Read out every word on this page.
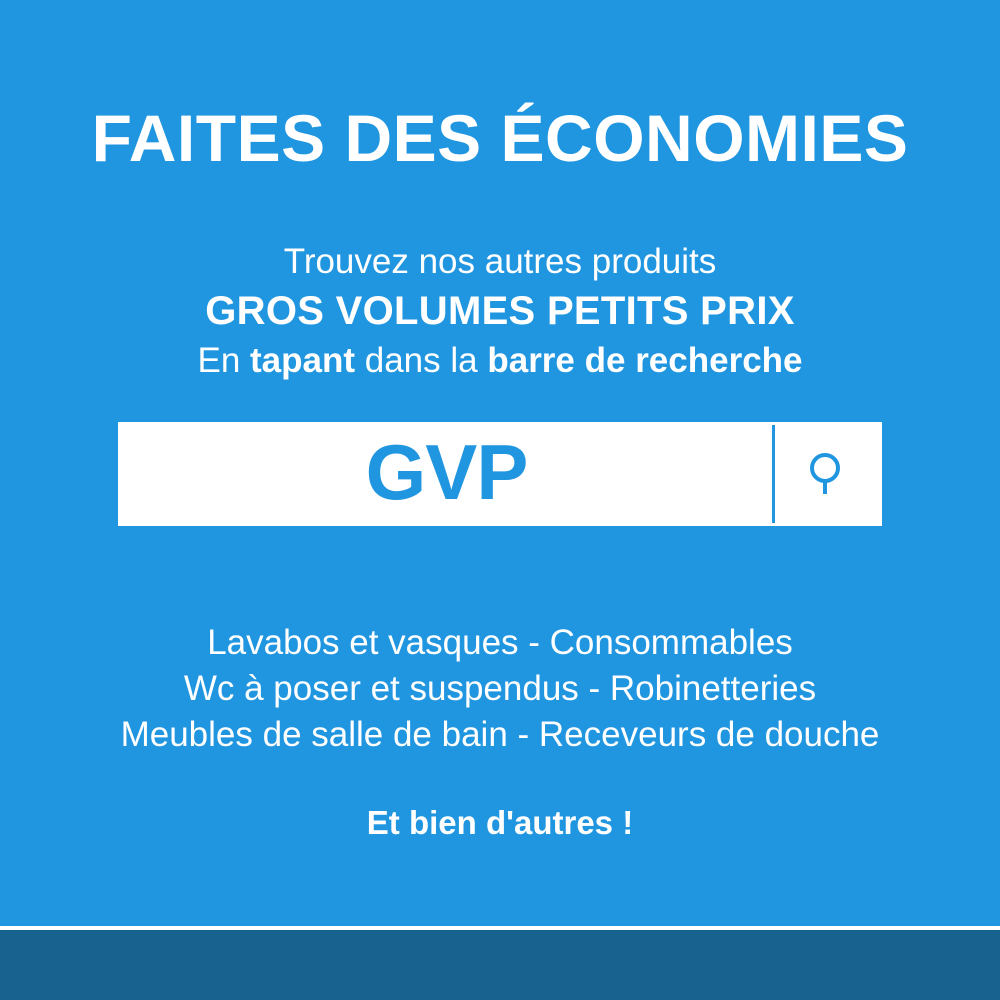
FAITES DES ÉCONOMIES
Trouvez nos autres produits
GROS VOLUMES PETITS PRIX
En tapant dans la barre de recherche
GVP
Lavabos et vasques - Consommables
Wc à poser et suspendus - Robinetteries
Meubles de salle de bain - Receveurs de douche
Et bien d'autres !
